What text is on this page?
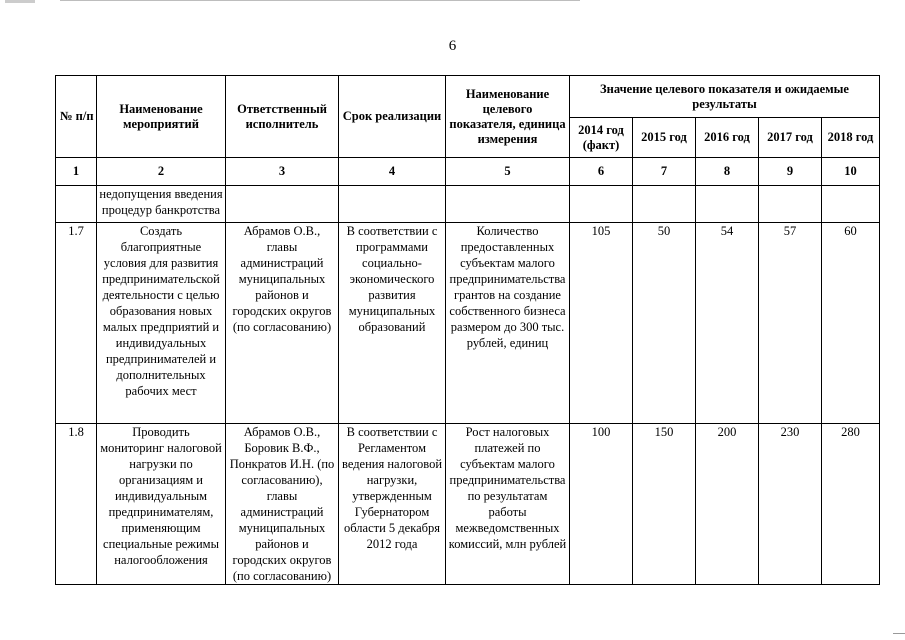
6
№ п/п	Наименование мероприятий	Ответственный исполнитель	Срок реализации	Наименование целевого показателя, единица измерения	Значение целевого показателя и ожидаемые результаты				
					2014 год (факт)	2015 год	2016 год	2017 год	2018 год
1	2	3	4	5	6	7	8	9	10
	недопущения введения процедур банкротства								
1.7	Создать благоприятные условия для развития предпринимательской деятельности с целью образования новых малых предприятий и индивидуальных предпринимателей и дополнительных рабочих мест	Абрамов О.В., главы администраций муниципальных районов и городских округов (по согласованию)	В соответствии с программами социально-экономического развития муниципальных образований	Количество предоставленных субъектам малого предпринимательства грантов на создание собственного бизнеса размером до 300 тыс. рублей, единиц	105	50	54	57	60
1.8	Проводить мониторинг налоговой нагрузки по организациям и индивидуальным предпринимателям, применяющим специальные режимы налогообложения	Абрамов О.В., Боровик В.Ф., Понкратов И.Н. (по согласованию), главы администраций муниципальных районов и городских округов (по согласованию)	В соответствии с Регламентом ведения налоговой нагрузки, утвержденным Губернатором области 5 декабря 2012 года	Рост налоговых платежей по субъектам малого предпринимательства по результатам работы межведомственных комиссий, млн рублей	100	150	200	230	280
